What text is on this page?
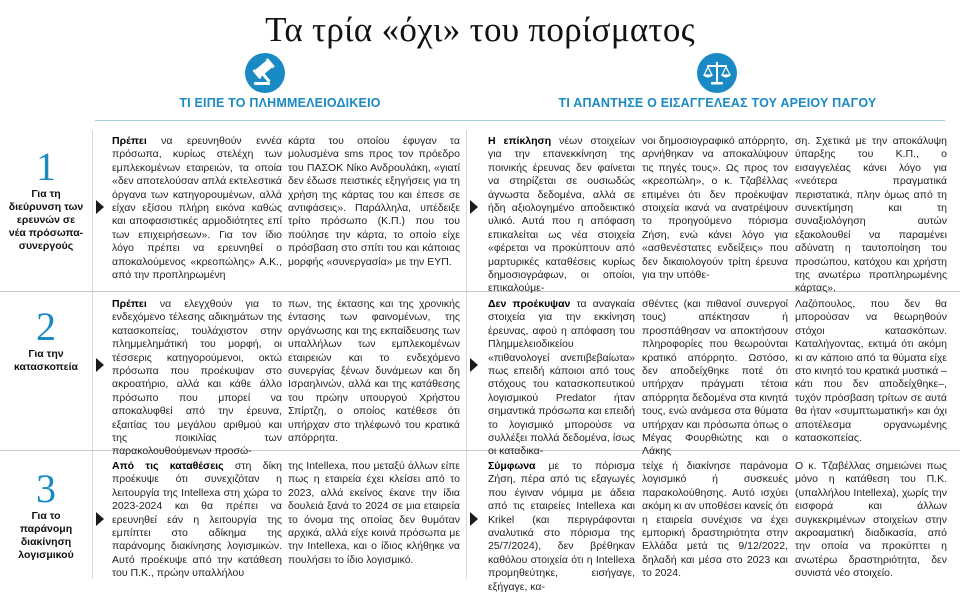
Τα τρία «όχι» του πορίσματος
ΤΙ ΕΙΠΕ ΤΟ ΠΛΗΜΜΕΛΕΙΟΔΙΚΕΙΟ	ΤΙ ΑΠΑΝΤΗΣΕ Ο ΕΙΣΑΓΓΕΛΕΑΣ ΤΟΥ ΑΡΕΙΟΥ ΠΑΓΟΥ
1
Για τη διεύρυνση των ερευνών σε νέα πρόσωπα-συνεργούς
Πρέπει να ερευνηθούν εννέα πρόσωπα, κυρίως στελέχη των εμπλεκομένων εταιρειών, τα οποία «δεν αποτελούσαν απλά εκτελεστικά όργανα των κατηγορουμένων, αλλά είχαν εξίσου πλήρη εικόνα καθώς και αποφασιστικές αρμοδιότητες επί των επιχειρήσεων». Για τον ίδιο λόγο πρέπει να ερευνηθεί ο αποκαλούμενος «κρεοπώλης» Α.Κ., από την προπληρωμένη
κάρτα του οποίου έφυγαν τα μολυσμένα sms προς τον πρόεδρο του ΠΑΣΟΚ Νίκο Ανδρουλάκη, «γιατί δεν έδωσε πειστικές εξηγήσεις για τη χρήση της κάρτας του και έπεσε σε αντιφάσεις». Παράλληλα, υπέδειξε τρίτο πρόσωπο (Κ.Π.) που του πούλησε την κάρτα, το οποίο είχε πρόσβαση στο σπίτι του και κάποιας μορφής «συνεργασία» με την ΕΥΠ.
Η επίκληση νέων στοιχείων για την επανεκκίνηση της ποινικής έρευνας δεν φαίνεται να στηρίζεται σε ουσιωδώς άγνωστα δεδομένα, αλλά σε ήδη αξιολογημένο αποδεικτικό υλικό. Αυτά που η απόφαση επικαλείται ως νέα στοιχεία «φέρεται να προκύπτουν από μαρτυρικές καταθέσεις κυρίως δημοσιογράφων, οι οποίοι, επικαλούμε-
νοι δημοσιογραφικό απόρρητο, αρνήθηκαν να αποκαλύψουν τις πηγές τους». Ως προς τον «κρεοπώλη», ο κ. Τζαβέλλας επιμένει ότι δεν προέκυψαν στοιχεία ικανά να ανατρέψουν το προηγούμενο πόρισμα Ζήση, ενώ κάνει λόγο για «ασθενέστατες ενδείξεις» που δεν δικαιολογούν τρίτη έρευνα για την υπόθε-
ση. Σχετικά με την αποκάλυψη ύπαρξης του Κ.Π., ο εισαγγελέας κάνει λόγο για «νεότερα πραγματικά περιστατικά, πλην όμως από τη συνεκτίμηση και τη συναξιολόγηση αυτών εξακολουθεί να παραμένει αδύνατη η ταυτοποίηση του προσώπου, κατόχου και χρήστη της ανωτέρω προπληρωμένης κάρτας».
2
Για την κατασκοπεία
Πρέπει να ελεγχθούν για το ενδεχόμενο τέλεσης αδικημάτων της κατασκοπείας, τουλάχιστον στην πλημμελημάτική του μορφή, οι τέσσερις κατηγορούμενοι, οκτώ πρόσωπα που προέκυψαν στο ακροατήριο, αλλά και κάθε άλλο πρόσωπο που μπορεί να αποκαλυφθεί από την έρευνα, εξαιτίας του μεγάλου αριθμού και της ποικιλίας των παρακολουθούμενων προσώ-
πων, της έκτασης και της χρονικής έντασης των φαινομένων, της οργάνωσης και της εκπαίδευσης των υπαλλήλων των εμπλεκομένων εταιρειών και το ενδεχόμενο συνεργίας ξένων δυνάμεων και δη Ισραηλινών, αλλά και της κατάθεσης του πρώην υπουργού Χρήστου Σπίρτζη, ο οποίος κατέθεσε ότι υπήρχαν στο τηλέφωνό του κρατικά απόρρητα.
Δεν προέκυψαν τα αναγκαία στοιχεία για την εκκίνηση έρευνας, αφού η απόφαση του Πλημμελειοδικείου «πιθανολογεί ανεπιβεβαίωτα» πως επειδή κάποιοι από τους στόχους του κατασκοπευτικού λογισμικού Predator ήταν σημαντικά πρόσωπα και επειδή το λογισμικό μπορούσε να συλλέξει πολλά δεδομένα, ίσως οι καταδικα-
σθέντες (και πιθανοί συνεργοί τους) απέκτησαν ή προσπάθησαν να αποκτήσουν πληροφορίες που θεωρούνται κρατικό απόρρητο. Ωστόσο, δεν αποδείχθηκε ποτέ ότι υπήρχαν πράγματι τέτοια απόρρητα δεδομένα στα κινητά τους, ενώ ανάμεσα στα θύματα υπήρχαν και πρόσωπα όπως ο Μέγας Φουρθιώτης και ο Λάκης
Λαζόπουλος, που δεν θα μπορούσαν να θεωρηθούν στόχοι κατασκόπων. Καταλήγοντας, εκτιμά ότι ακόμη κι αν κάποιο από τα θύματα είχε στο κινητό του κρατικά μυστικά –κάτι που δεν αποδείχθηκε–, τυχόν πρόσβαση τρίτων σε αυτά θα ήταν «συμπτωματική» και όχι αποτέλεσμα οργανωμένης κατασκοπείας.
3
Για το παράνομη διακίνηση λογισμικού
Από τις καταθέσεις στη δίκη προέκυψε ότι συνεχιζόταν η λειτουργία της Intellexa στη χώρα το 2023-2024 και θα πρέπει να ερευνηθεί εάν η λειτουργία της εμπίπτει στο αδίκημα της παράνομης διακίνησης λογισμικών. Αυτό προέκυψε από την κατάθεση του Π.Κ., πρώην υπαλλήλου
της Intellexa, που μεταξύ άλλων είπε πως η εταιρεία έχει κλείσει από το 2023, αλλά εκείνος έκανε την ίδια δουλειά ξανά το 2024 σε μια εταιρεία το όνομα της οποίας δεν θυμόταν αρχικά, αλλά είχε κοινά πρόσωπα με την Intellexa, και ο ίδιος κλήθηκε να πουλήσει το ίδιο λογισμικό.
Σύμφωνα με το πόρισμα Ζήση, πέρα από τις εξαγωγές που έγιναν νόμιμα με άδεια από τις εταιρείες Intellexa και Krikel (και περιγράφονται αναλυτικά στο πόρισμα της 25/7/2024), δεν βρέθηκαν καθόλου στοιχεία ότι η Intellexa προμηθεύτηκε, εισήγαγε, εξήγαγε, κα-
τείχε ή διακίνησε παράνομα λογισμικό ή συσκευές παρακολούθησης. Αυτό ισχύει ακόμη κι αν υποθέσει κανείς ότι η εταιρεία συνέχισε να έχει εμπορική δραστηριότητα στην Ελλάδα μετά τις 9/12/2022, δηλαδή και μέσα στο 2023 και το 2024.
Ο κ. Τζαβέλλας σημειώνει πως μόνο η κατάθεση του Π.Κ. (υπαλλήλου Intellexa), χωρίς την εισφορά και άλλων συγκεκριμένων στοιχείων στην ακροαματική διαδικασία, από την οποία να προκύπτει η ανωτέρω δραστηριότητα, δεν συνιστά νέο στοιχείο.
